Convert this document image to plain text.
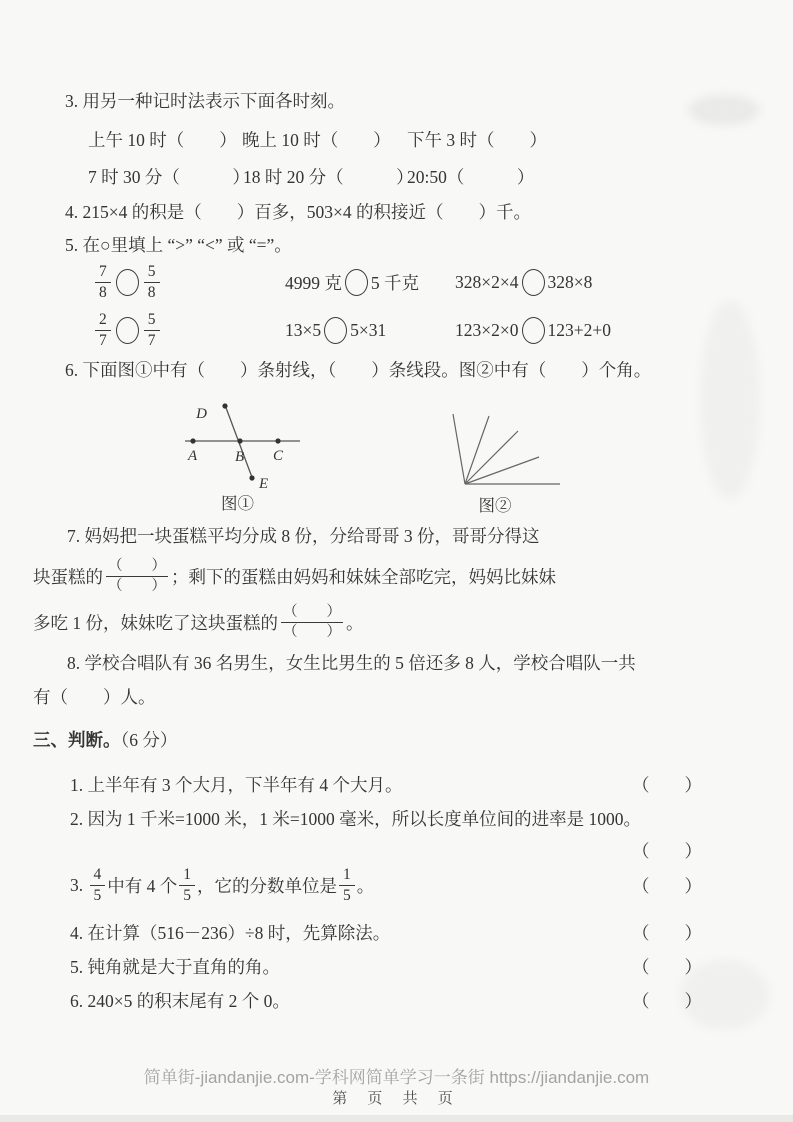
3. 用另一种记时法表示下面各时刻。
上午 10 时（　　） 晚上 10 时（　　） 下午 3 时（　　）
7 时 30 分（　　　）
18 时 20 分（　　　）
20:50（　　　）
4. 215×4 的积是（　　）百多，503×4 的积接近（　　）千。
5. 在○里填上 “>” “<” 或 “=”。
$\frac{7}{8} \frac{5}{8}$	4999 克 5 千克 328×2×4 328×8
$\frac{2}{7} \frac{5}{7}$	13×5 5×31	123×2×0 123+2+0
6. 下面图①中有（　　）条射线，（　　）条线段。图②中有（　　）个角。
D
A	B C
E
图①	图②
7. 妈妈把一块蛋糕平均分成 8 份，分给哥哥 3 份，哥哥分得这
块蛋糕的
（　　）
（　　） ；剩下的蛋糕由妈妈和妹妹全部吃完，妈妈比妹妹
多吃 1 份，妹妹吃了这块蛋糕的
（　　）
（　　） 。
8. 学校合唱队有 36 名男生，女生比男生的 5 倍还多 8 人，学校合唱队一共
有（　　）人。
三、判断。（6 分）
1. 上半年有 3 个大月，下半年有 4 个大月。	（　　）
2. 因为 1 千米=1000 米，1 米=1000 毫米，所以长度单位间的进率是 1000。
（　　）
3.
$\frac{4}{5}$ 中有 4 个 $\frac{1}{5}$ ，它的分数单位是 $\frac{1}{5}$ 。	（　　）
4. 在计算（516－236）÷8 时，先算除法。	（　　）
5. 钝角就是大于直角的角。	（　　）
6. 240×5 的积末尾有 2 个 0。	（　　）
简单街-jiandanjie.com-学科网简单学习一条街 https://jiandanjie.com
第 页 共 页
